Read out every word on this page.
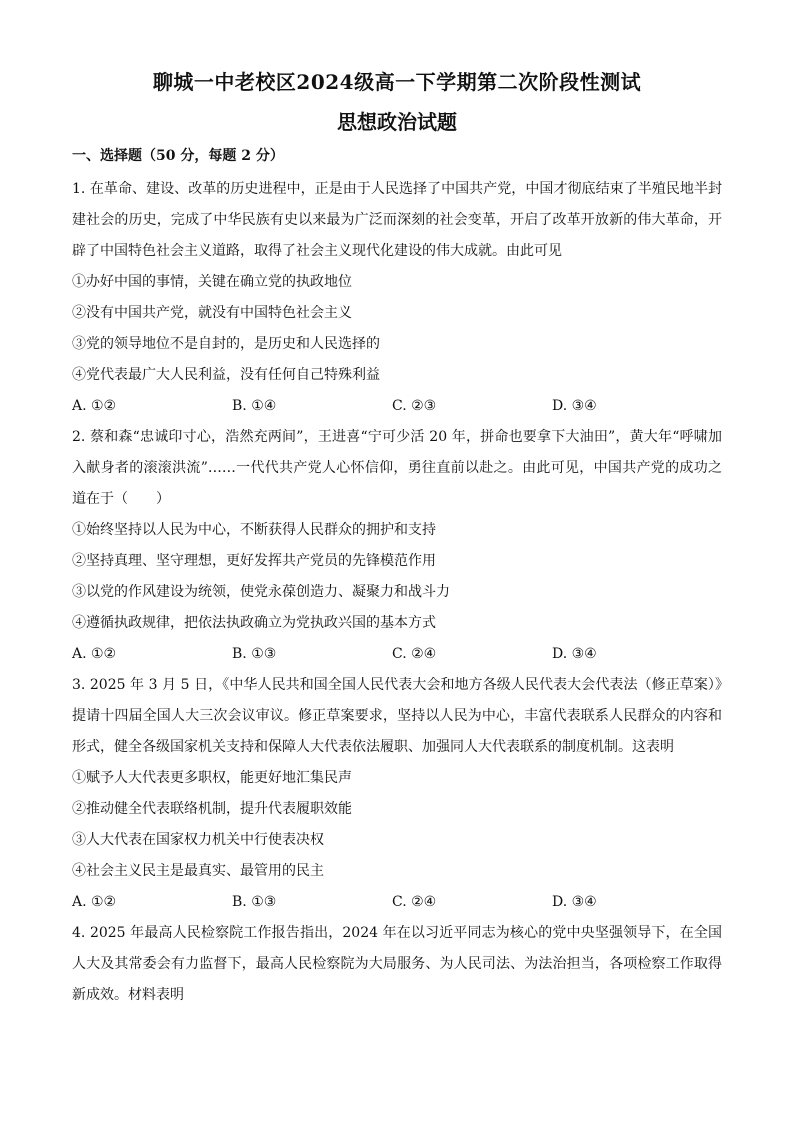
聊城一中老校区2024级高一下学期第二次阶段性测试
思想政治试题
一、选择题（50 分，每题 2 分）

1. 在革命、建设、改革的历史进程中，正是由于人民选择了中国共产党，中国才彻底结束了半殖民地半封建社会的历史，完成了中华民族有史以来最为广泛而深刻的社会变革，开启了改革开放新的伟大革命，开辟了中国特色社会主义道路，取得了社会主义现代化建设的伟大成就。由此可见

①办好中国的事情，关键在确立党的执政地位

②没有中国共产党，就没有中国特色社会主义

③党的领导地位不是自封的，是历史和人民选择的

④党代表最广大人民利益，没有任何自己特殊利益

A. ①②	B. ①④	C. ②③	D. ③④

2. 蔡和森“忠诚印寸心，浩然充两间”，王进喜“宁可少活 20 年，拼命也要拿下大油田”，黄大年“呼啸加入献身者的滚滚洪流”……一代代共产党人心怀信仰，勇往直前以赴之。由此可见，中国共产党的成功之道在于（　　）

①始终坚持以人民为中心，不断获得人民群众的拥护和支持

②坚持真理、坚守理想，更好发挥共产党员的先锋模范作用

③以党的作风建设为统领，使党永葆创造力、凝聚力和战斗力

④遵循执政规律，把依法执政确立为党执政兴国的基本方式

A. ①②	B. ①③	C. ②④	D. ③④

3. 2025 年 3 月 5 日，《中华人民共和国全国人民代表大会和地方各级人民代表大会代表法（修正草案）》提请十四届全国人大三次会议审议。修正草案要求，坚持以人民为中心，丰富代表联系人民群众的内容和形式，健全各级国家机关支持和保障人大代表依法履职、加强同人大代表联系的制度机制。这表明

①赋予人大代表更多职权，能更好地汇集民声

②推动健全代表联络机制，提升代表履职效能

③人大代表在国家权力机关中行使表决权

④社会主义民主是最真实、最管用的民主

A. ①②	B. ①③	C. ②④	D. ③④

4. 2025 年最高人民检察院工作报告指出，2024 年在以习近平同志为核心的党中央坚强领导下，在全国人大及其常委会有力监督下，最高人民检察院为大局服务、为人民司法、为法治担当，各项检察工作取得新成效。材料表明
